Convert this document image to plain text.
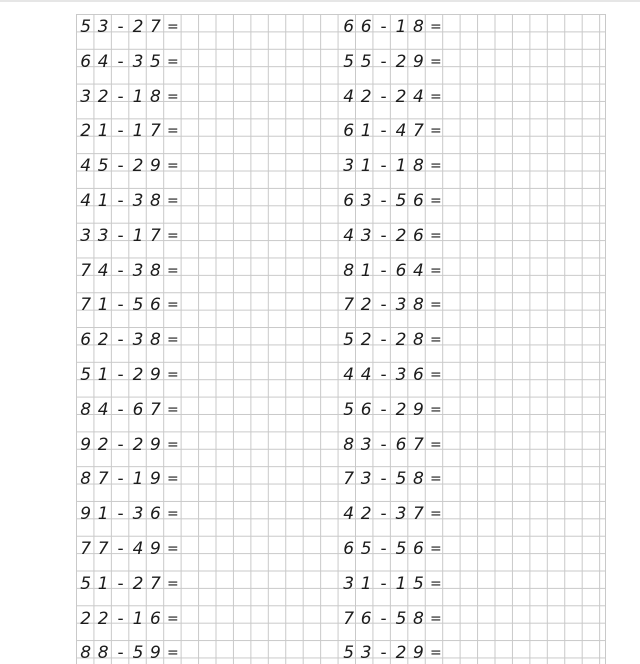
5 3 - 2 7 =
6 4 - 3 5 =
3 2 - 1 8 =
2 1 - 1 7 =
4 5 - 2 9 =
4 1 - 3 8 =
3 3 - 1 7 =
7 4 - 3 8 =
7 1 - 5 6 =
6 2 - 3 8 =
5 1 - 2 9 =
8 4 - 6 7 =
9 2 - 2 9 =
8 7 - 1 9 =
9 1 - 3 6 =
7 7 - 4 9 =
5 1 - 2 7 =
2 2 - 1 6 =
8 8 - 5 9 =
6 6 - 1 8 =
5 5 - 2 9 =
4 2 - 2 4 =
6 1 - 4 7 =
3 1 - 1 8 =
6 3 - 5 6 =
4 3 - 2 6 =
8 1 - 6 4 =
7 2 - 3 8 =
5 2 - 2 8 =
4 4 - 3 6 =
5 6 - 2 9 =
8 3 - 6 7 =
7 3 - 5 8 =
4 2 - 3 7 =
6 5 - 5 6 =
3 1 - 1 5 =
7 6 - 5 8 =
5 3 - 2 9 =
